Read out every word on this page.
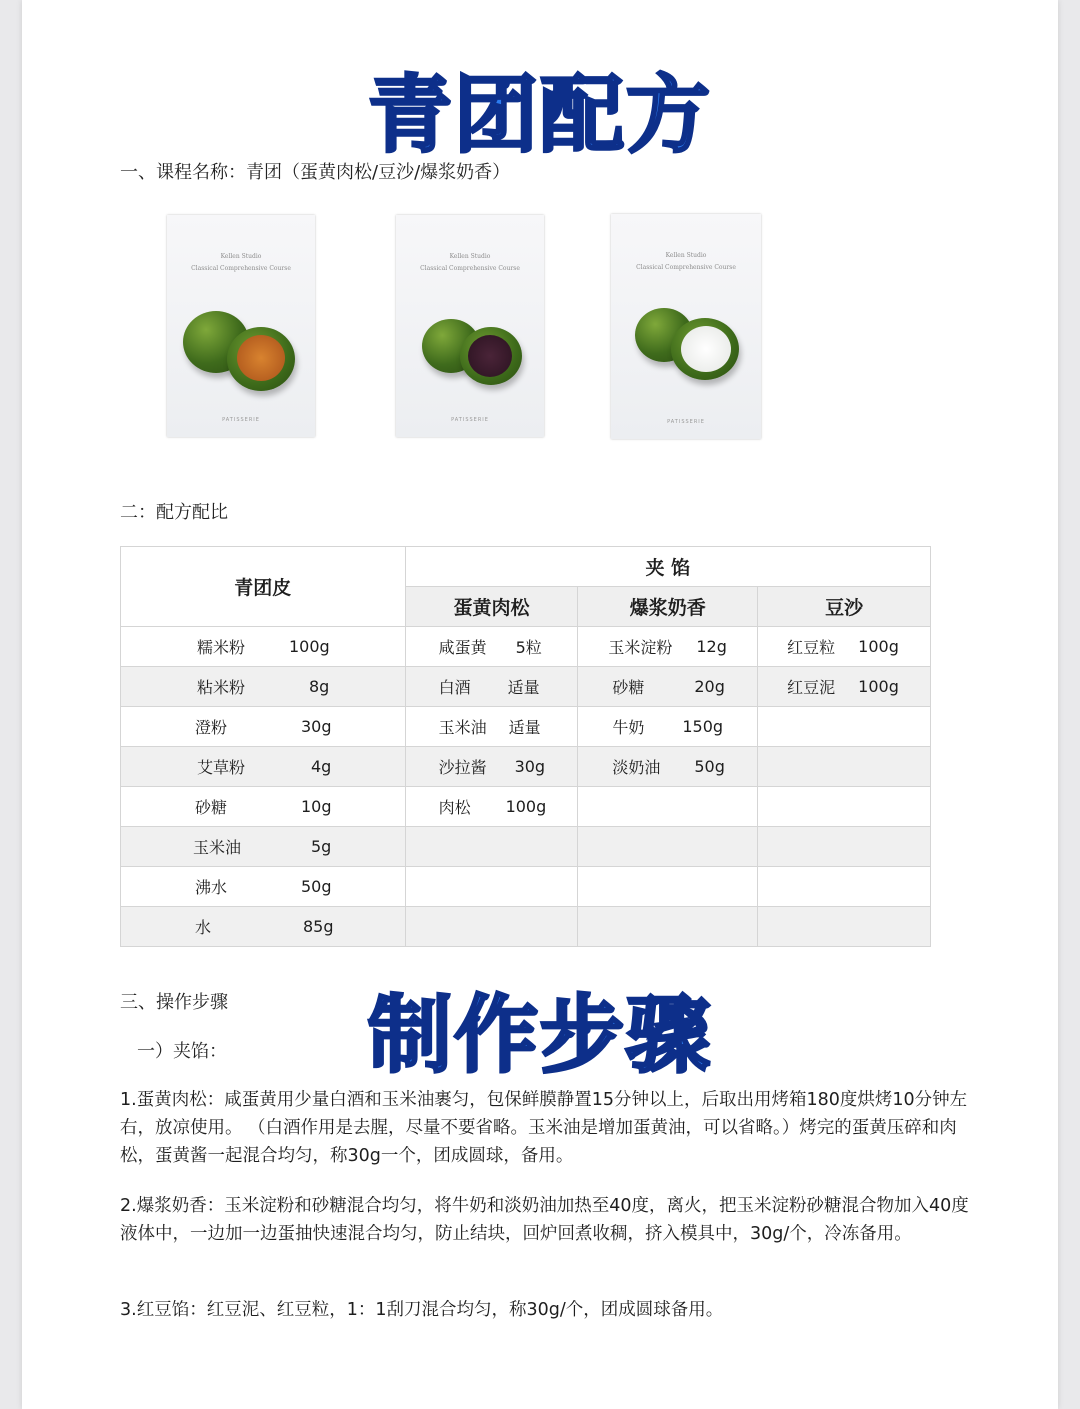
青团配方
一、课程名称：青团（蛋黄肉松/豆沙/爆浆奶香）
Kellen Studio
Classical Comprehensive Course
PATISSERIE
Kellen Studio
Classical Comprehensive Course
PATISSERIE
Kellen Studio
Classical Comprehensive Course
PATISSERIE
二：配方配比
青团皮	夹 馅		
	蛋黄肉松	爆浆奶香	豆沙

糯米粉 100g	咸蛋黄 5粒	玉米淀粉 12g	红豆粒 100g

粘米粉 8g	白酒 适量	砂糖 20g	红豆泥 100g

澄粉 30g	玉米油 适量	牛奶 150g	

艾草粉 4g	沙拉酱 30g	淡奶油 50g	

砂糖 10g	肉松 100g		

玉米油 5g			

沸水 50g			

水 85g			

三、操作步骤 制作步骤
一）夹馅：
1.蛋黄肉松：咸蛋黄用少量白酒和玉米油裹匀，包保鲜膜静置15分钟以上，后取出用烤箱180度烘烤10分钟左右，放凉使用。 （白酒作用是去腥，尽量不要省略。玉米油是增加蛋黄油，可以省略。）烤完的蛋黄压碎和肉松，蛋黄酱一起混合均匀，称30g一个，团成圆球，备用。
2.爆浆奶香：玉米淀粉和砂糖混合均匀，将牛奶和淡奶油加热至40度，离火，把玉米淀粉砂糖混合物加入40度液体中，一边加一边蛋抽快速混合均匀，防止结块，回炉回煮收稠，挤入模具中，30g/个，冷冻备用。
3.红豆馅：红豆泥、红豆粒，1：1刮刀混合均匀，称30g/个，团成圆球备用。
